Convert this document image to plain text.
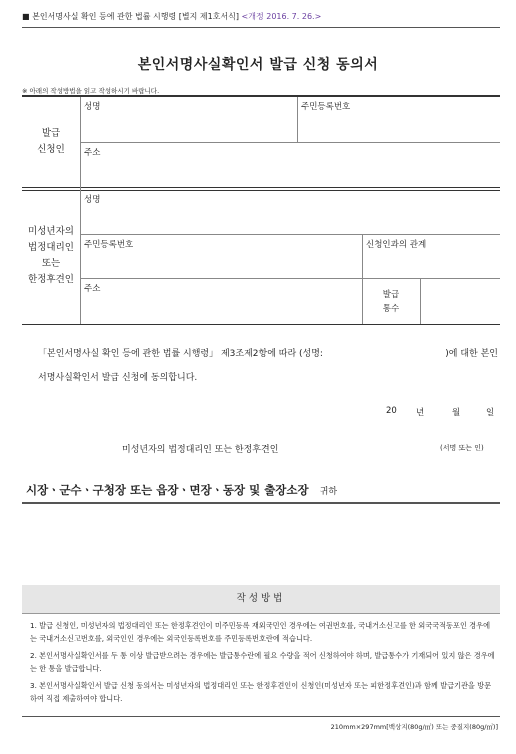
■ 본인서명사실 확인 등에 관한 법률 시행령 [별지 제1호서식] <개정 2016. 7. 26.>
본인서명사실확인서 발급 신청 동의서
※ 아래의 작성방법을 읽고 작성하시기 바랍니다.
발급
신청인
성명	주민등록번호
주소
미성년자의
법정대리인
또는
한정후견인
성명
주민등록번호	신청인과의 관계
주소
발급
통수
「본인서명사실 확인 등에 관한 법률 시행령」 제3조제2항에 따라 (성명:	)에 대한 본인
서명사실확인서 발급 신청에 동의합니다.
20 년	월	일
미성년자의 법정대리인 또는 한정후견인	(서명 또는 인)
시장ㆍ군수ㆍ구청장 또는 읍장ㆍ면장ㆍ동장 및 출장소장 귀하
작성방법
1. 발급 신청인, 미성년자의 법정대리인 또는 한정후견인이 미주민등록 재외국민인 경우에는 여권번호를, 국내거소신고를 한 외국국적동포인 경우에는 국내거소신고번호를, 외국인인 경우에는 외국인등록번호를 주민등록번호란에 적습니다.
2. 본인서명사실확인서를 두 통 이상 발급받으려는 경우에는 발급통수란에 필요 수량을 적어 신청하여야 하며, 발급통수가 기재되어 있지 않은 경우에는 한 통을 발급합니다.
3. 본인서명사실확인서 발급 신청 동의서는 미성년자의 법정대리인 또는 한정후견인이 신청인(미성년자 또는 피한정후견인)과 함께 발급기관을 방문하여 직접 제출하여야 합니다.
210mm×297mm[백상지(80g/㎡) 또는 중질지(80g/㎡)]
